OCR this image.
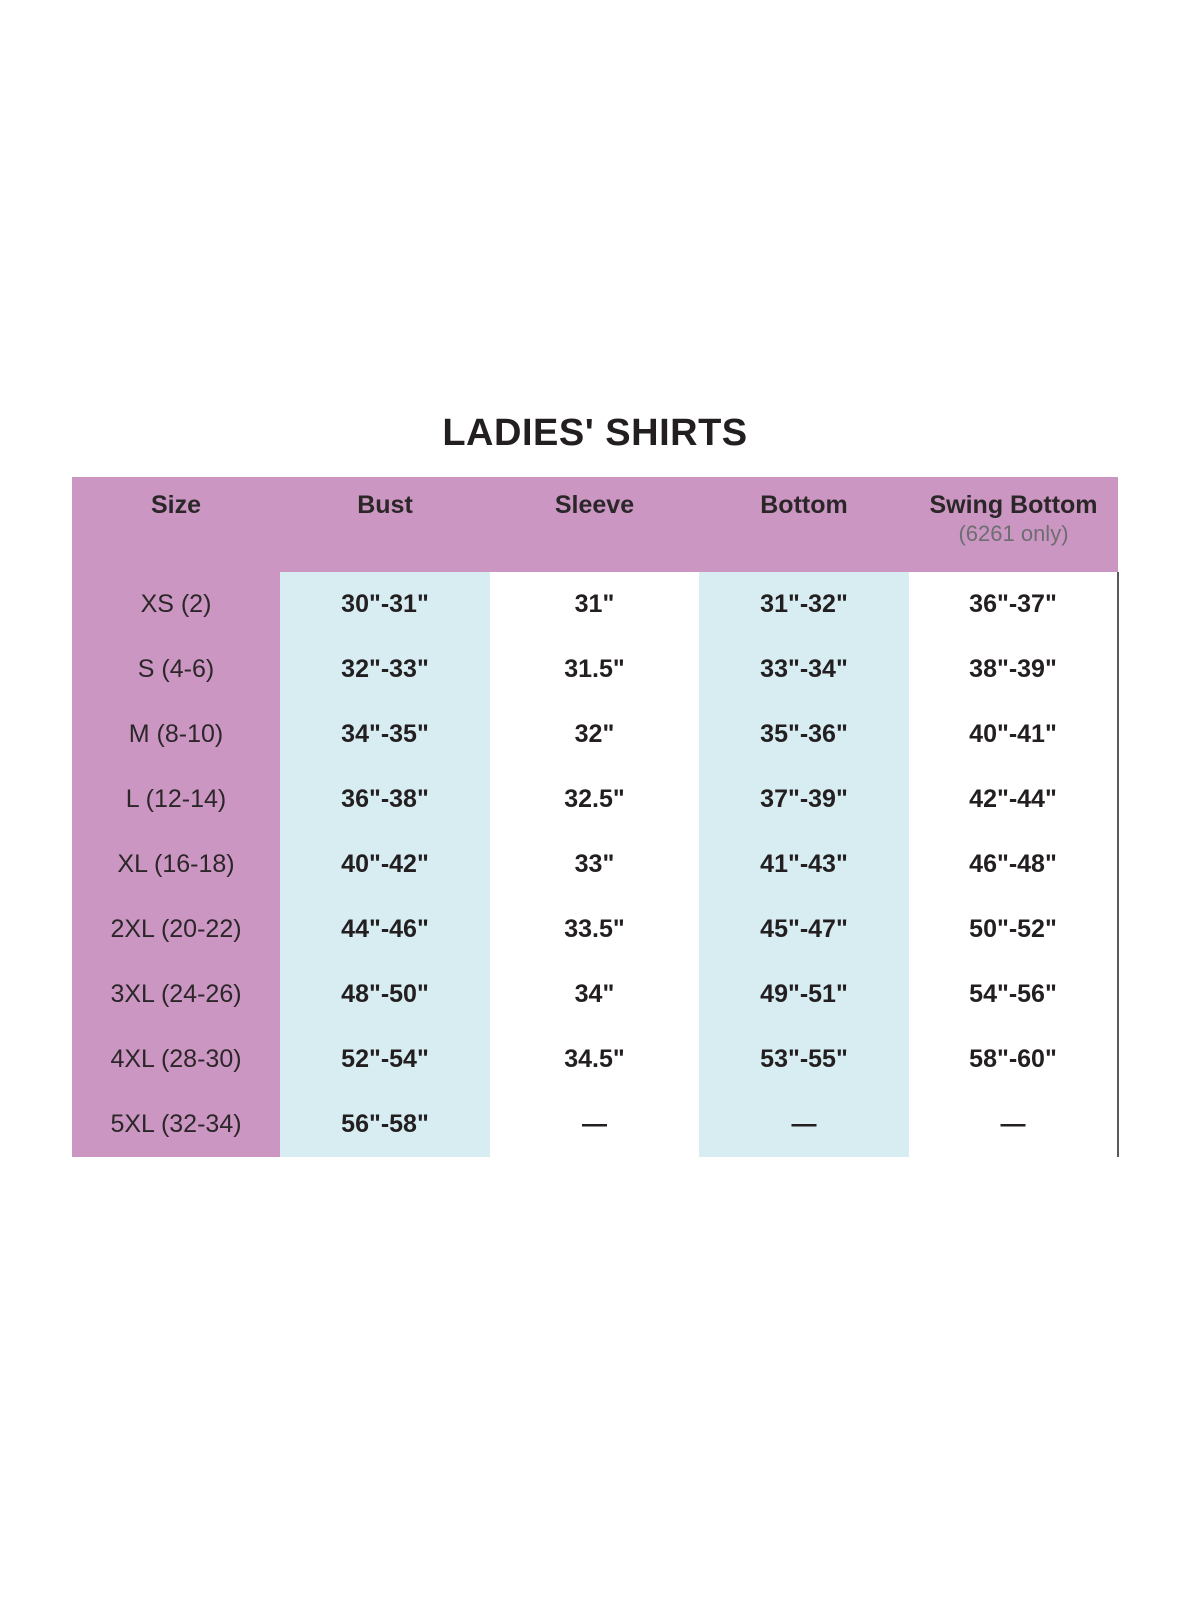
LADIES' SHIRTS
Size	Bust	Sleeve	Bottom	Swing Bottom
(6261 only)

XS (2)	30"-31"	31"	31"-32"	36"-37"
S (4-6)	32"-33"	31.5"	33"-34"	38"-39"
M (8-10)	34"-35"	32"	35"-36"	40"-41"
L (12-14)	36"-38"	32.5"	37"-39"	42"-44"
XL (16-18)	40"-42"	33"	41"-43"	46"-48"
2XL (20-22)	44"-46"	33.5"	45"-47"	50"-52"
3XL (24-26)	48"-50"	34"	49"-51"	54"-56"
4XL (28-30)	52"-54"	34.5"	53"-55"	58"-60"
5XL (32-34)	56"-58"	—	—	—
